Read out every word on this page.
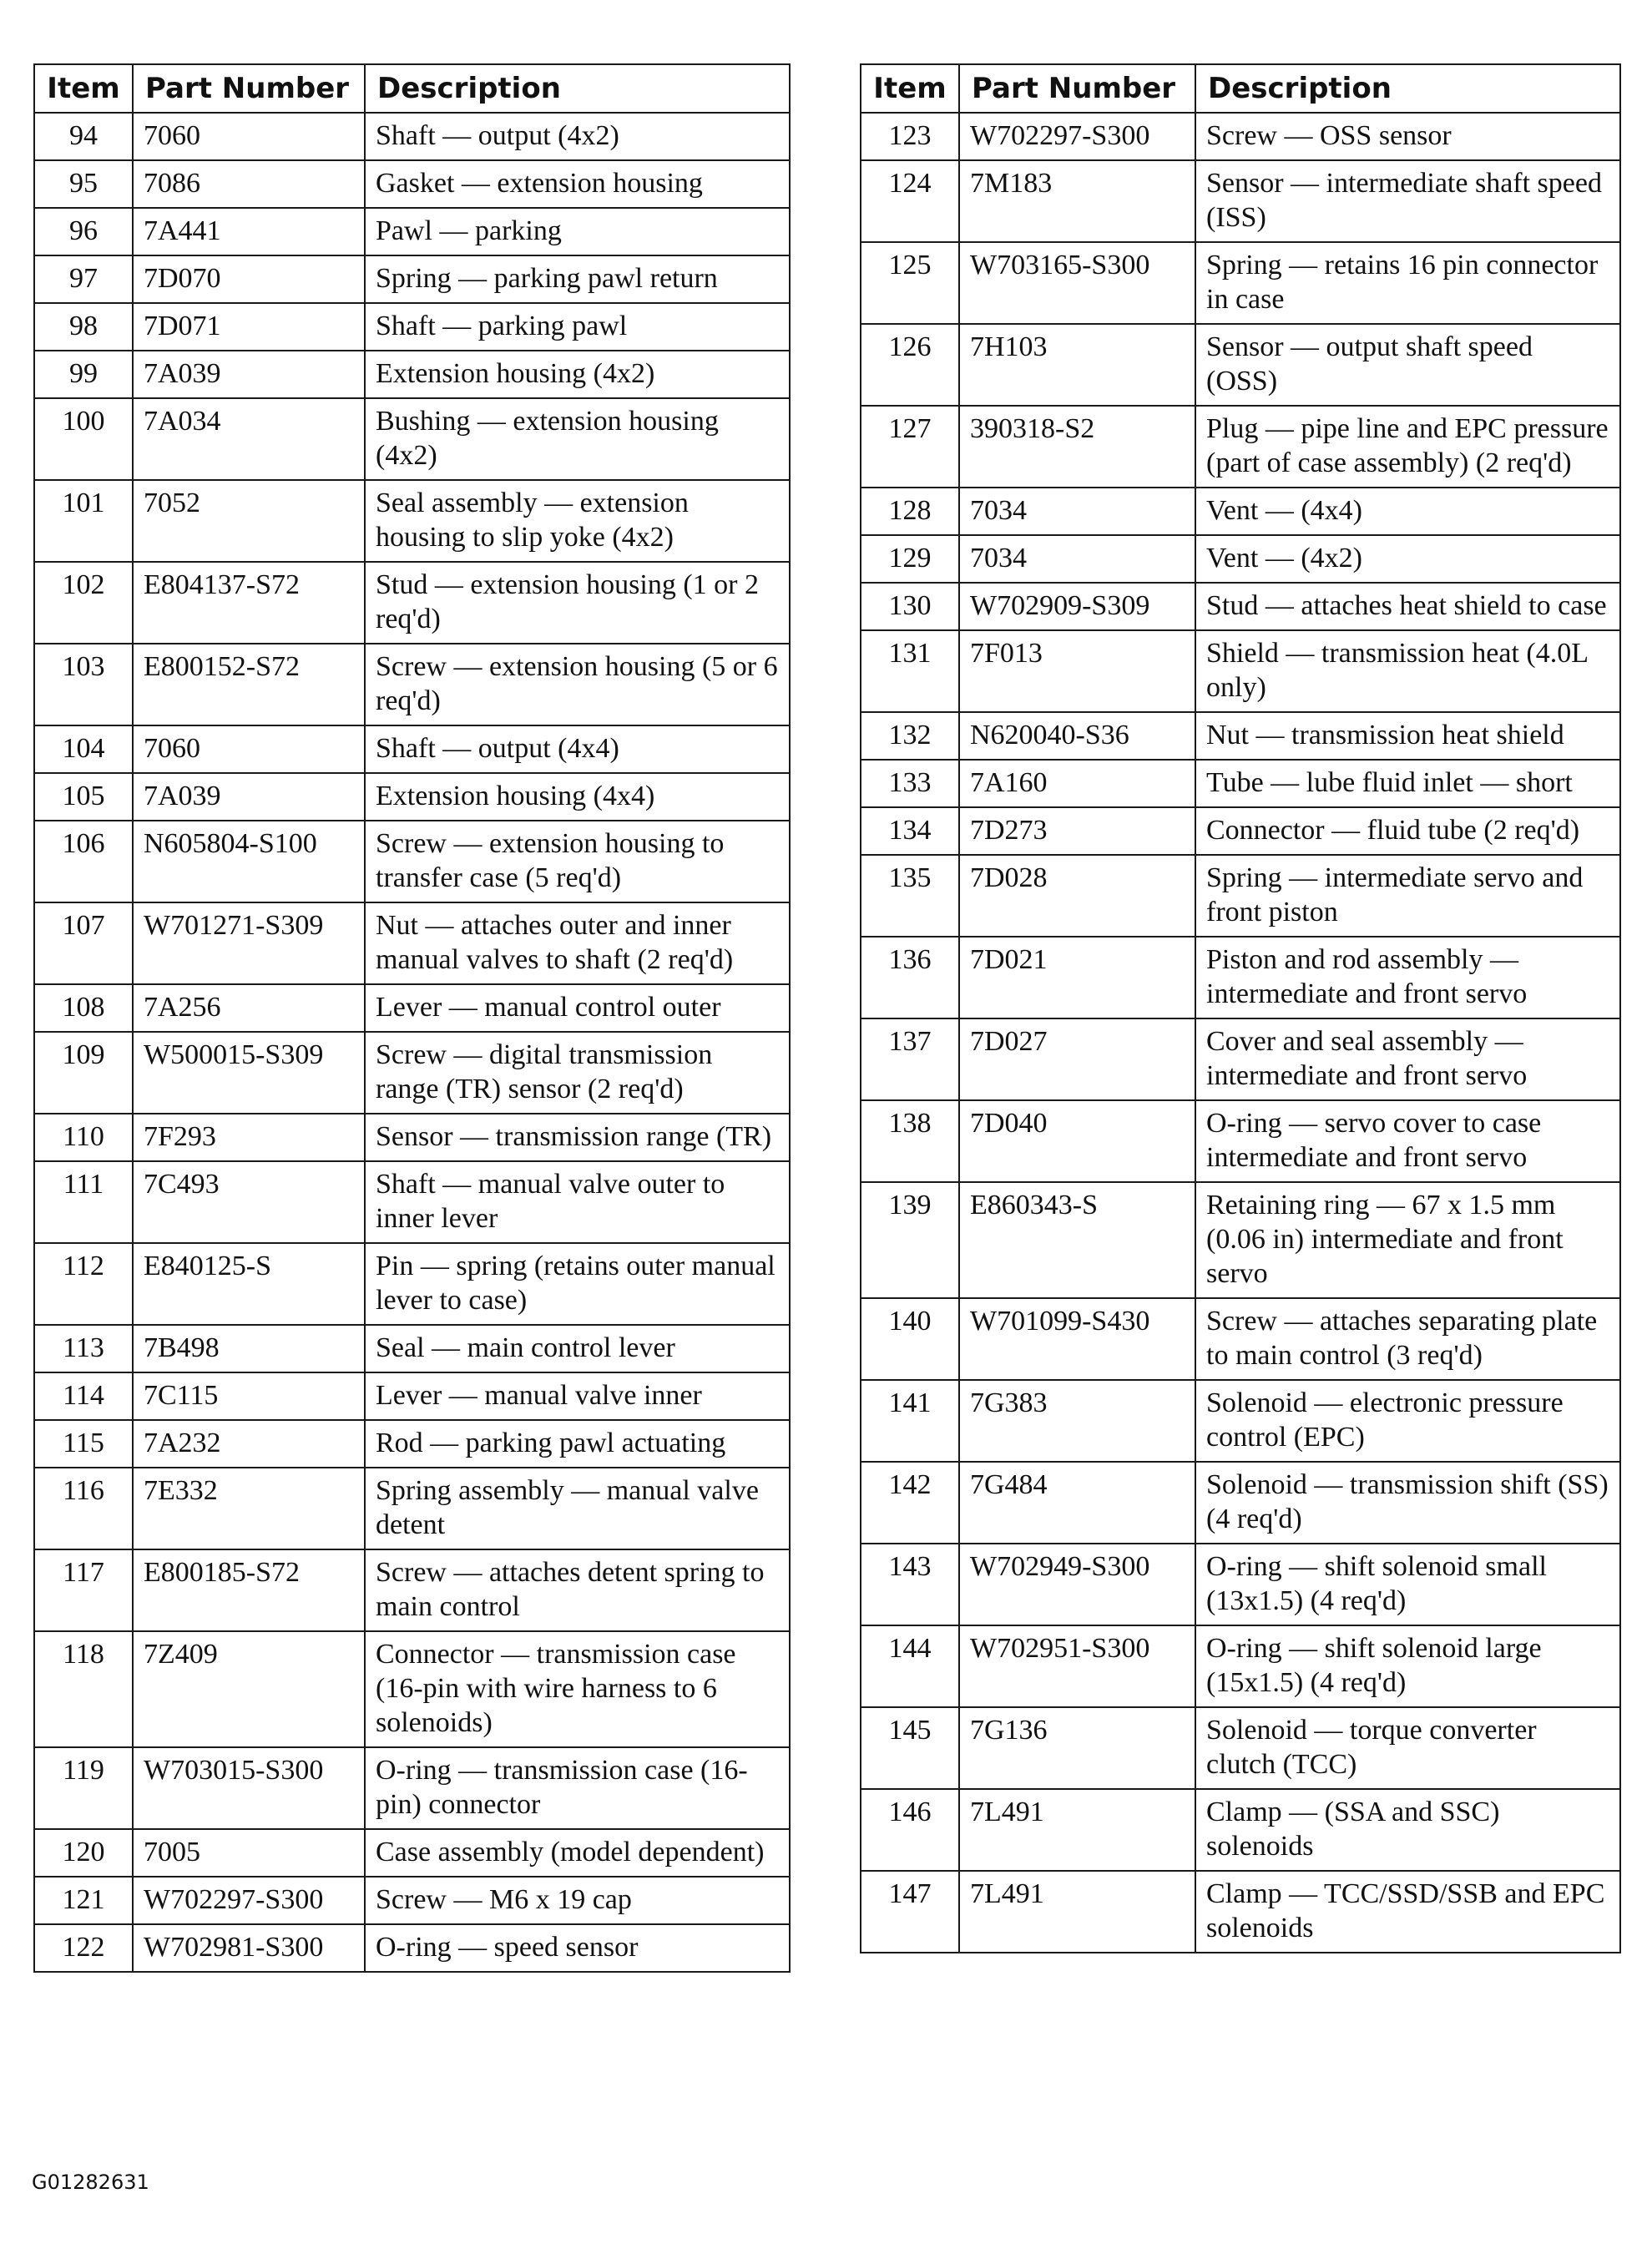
Item	Part Number	Description
94	7060	Shaft — output (4x2)
95	7086	Gasket — extension housing
96	7A441	Pawl — parking
97	7D070	Spring — parking pawl return
98	7D071	Shaft — parking pawl
99	7A039	Extension housing (4x2)
100	7A034	Bushing — extension housing (4x2)
101	7052	Seal assembly — extension housing to slip yoke (4x2)
102	E804137-S72	Stud — extension housing (1 or 2 req'd)
103	E800152-S72	Screw — extension housing (5 or 6 req'd)
104	7060	Shaft — output (4x4)
105	7A039	Extension housing (4x4)
106	N605804-S100	Screw — extension housing to transfer case (5 req'd)
107	W701271-S309	Nut — attaches outer and inner manual valves to shaft (2 req'd)
108	7A256	Lever — manual control outer
109	W500015-S309	Screw — digital transmission range (TR) sensor (2 req'd)
110	7F293	Sensor — transmission range (TR)
111	7C493	Shaft — manual valve outer to inner lever
112	E840125-S	Pin — spring (retains outer manual lever to case)
113	7B498	Seal — main control lever
114	7C115	Lever — manual valve inner
115	7A232	Rod — parking pawl actuating
116	7E332	Spring assembly — manual valve detent
117	E800185-S72	Screw — attaches detent spring to main control
118	7Z409	Connector — transmission case (16-pin with wire harness to 6 solenoids)
119	W703015-S300	O-ring — transmission case (16-pin) connector
120	7005	Case assembly (model dependent)
121	W702297-S300	Screw — M6 x 19 cap
122	W702981-S300	O-ring — speed sensor
Item	Part Number	Description
123	W702297-S300	Screw — OSS sensor
124	7M183	Sensor — intermediate shaft speed (ISS)
125	W703165-S300	Spring — retains 16 pin connector in case
126	7H103	Sensor — output shaft speed (OSS)
127	390318-S2	Plug — pipe line and EPC pressure (part of case assembly) (2 req'd)
128	7034	Vent — (4x4)
129	7034	Vent — (4x2)
130	W702909-S309	Stud — attaches heat shield to case
131	7F013	Shield — transmission heat (4.0L only)
132	N620040-S36	Nut — transmission heat shield
133	7A160	Tube — lube fluid inlet — short
134	7D273	Connector — fluid tube (2 req'd)
135	7D028	Spring — intermediate servo and front piston
136	7D021	Piston and rod assembly — intermediate and front servo
137	7D027	Cover and seal assembly — intermediate and front servo
138	7D040	O-ring — servo cover to case intermediate and front servo
139	E860343-S	Retaining ring — 67 x 1.5 mm (0.06 in) intermediate and front servo
140	W701099-S430	Screw — attaches separating plate to main control (3 req'd)
141	7G383	Solenoid — electronic pressure control (EPC)
142	7G484	Solenoid — transmission shift (SS) (4 req'd)
143	W702949-S300	O-ring — shift solenoid small (13x1.5) (4 req'd)
144	W702951-S300	O-ring — shift solenoid large (15x1.5) (4 req'd)
145	7G136	Solenoid — torque converter clutch (TCC)
146	7L491	Clamp — (SSA and SSC) solenoids
147	7L491	Clamp — TCC/SSD/SSB and EPC solenoids
G01282631
